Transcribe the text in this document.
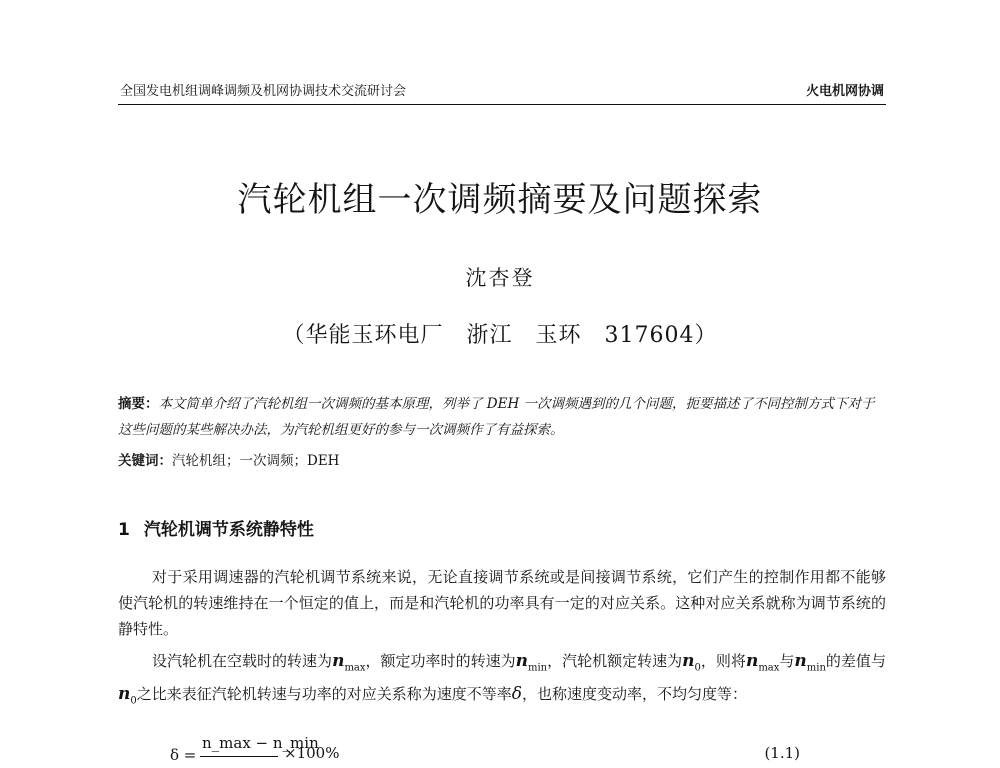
全国发电机组调峰调频及机网协调技术交流研讨会	火电机网协调
汽轮机组一次调频摘要及问题探索
沈杏登
（华能玉环电厂　浙江　玉环　317604）
摘要：本文简单介绍了汽轮机组一次调频的基本原理，列举了 DEH 一次调频遇到的几个问题，扼要描述了不同控制方式下对于这些问题的某些解决办法，为汽轮机组更好的参与一次调频作了有益探索。
关键词：汽轮机组；一次调频；DEH
1 汽轮机调节系统静特性
对于采用调速器的汽轮机调节系统来说，无论直接调节系统或是间接调节系统，它们产生的控制作用都不能够使汽轮机的转速维持在一个恒定的值上，而是和汽轮机的功率具有一定的对应关系。这种对应关系就称为调节系统的静特性。
设汽轮机在空载时的转速为$n_{max}$，额定功率时的转速为$n_{min}$，汽轮机额定转速为$n_0$，则将$n_{max}$与$n_{min}$的差值与$n_0$之比来表征汽轮机转速与功率的对应关系称为速度不等率δ，也称速度变动率，不均匀度等：
δ =
n_max − n_min
×100%	(1.1)
